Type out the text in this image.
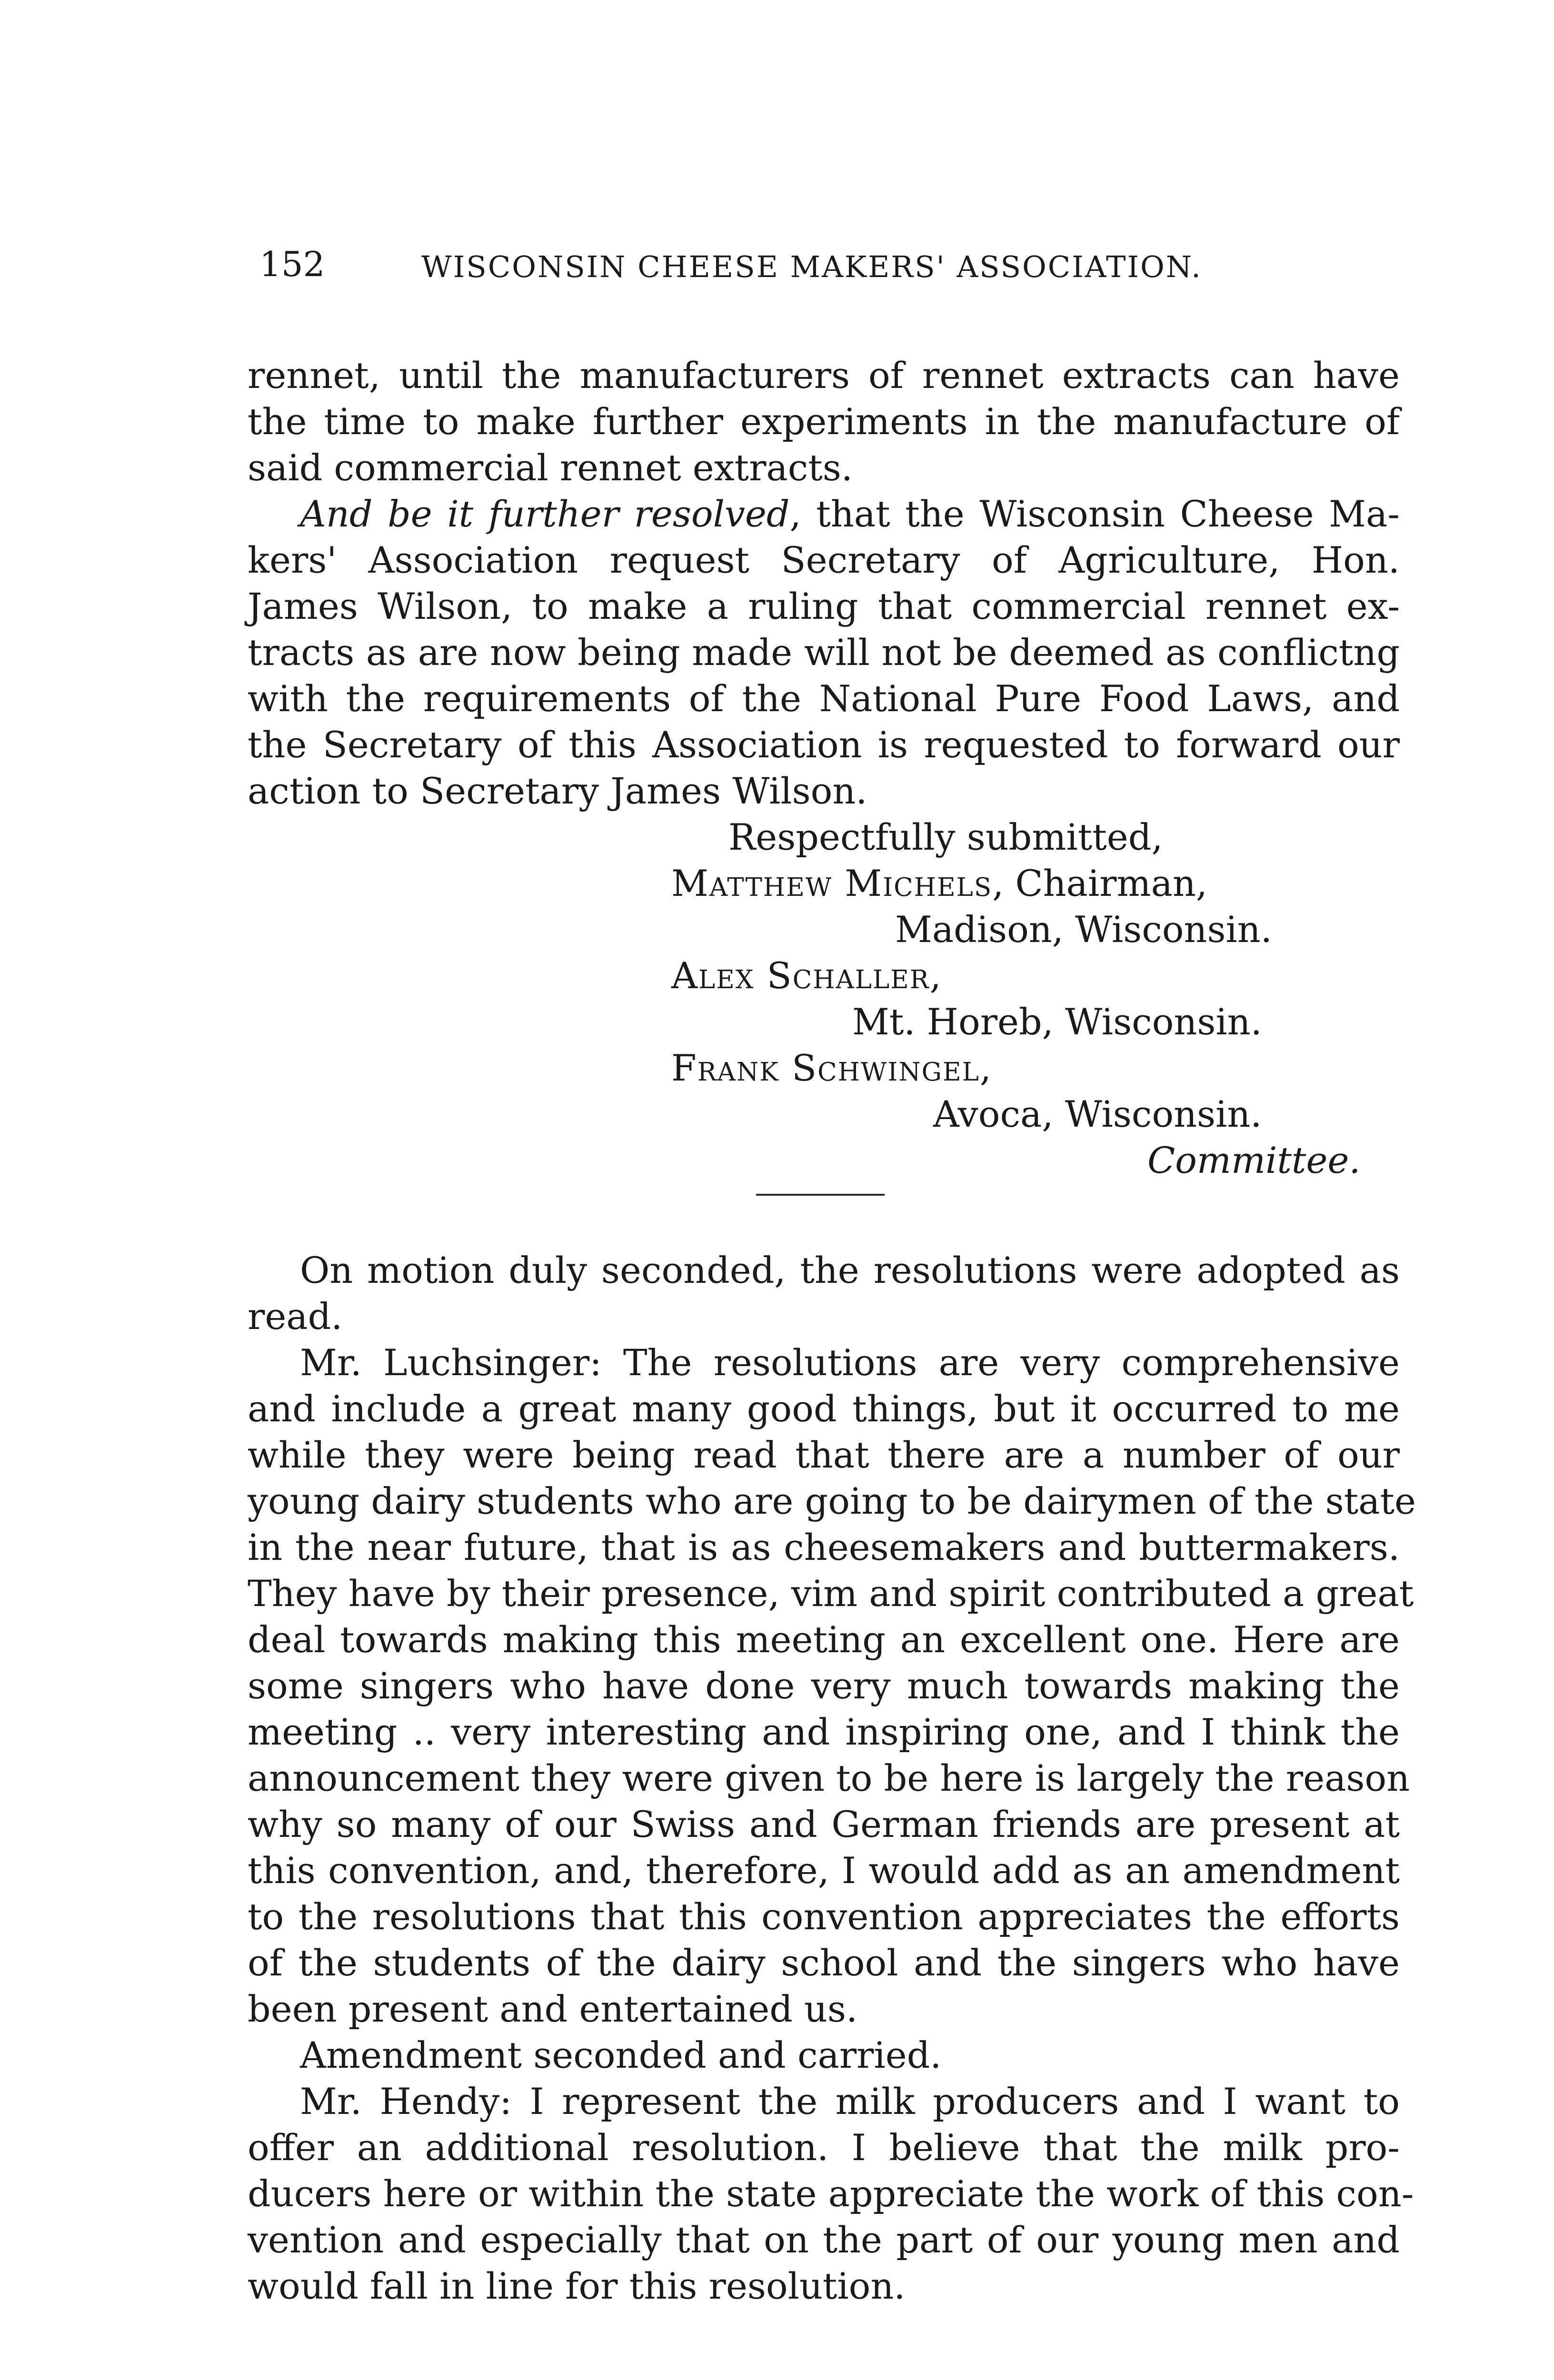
152	WISCONSIN CHEESE MAKERS' ASSOCIATION.
rennet, until the manufacturers of rennet extracts can have
the time to make further experiments in the manufacture of
said commercial rennet extracts.
And be it further resolved, that the Wisconsin Cheese Ma-
kers' Association request Secretary of Agriculture, Hon.
James Wilson, to make a ruling that commercial rennet ex-
tracts as are now being made will not be deemed as conflictng
with the requirements of the National Pure Food Laws, and
the Secretary of this Association is requested to forward our
action to Secretary James Wilson.
Respectfully submitted,
Matthew Michels, Chairman,
Madison, Wisconsin.
Alex Schaller,
Mt. Horeb, Wisconsin.
Frank Schwingel,
Avoca, Wisconsin.
Committee.
On motion duly seconded, the resolutions were adopted as
read.
Mr. Luchsinger: The resolutions are very comprehensive
and include a great many good things, but it occurred to me
while they were being read that there are a number of our
young dairy students who are going to be dairymen of the state
in the near future, that is as cheesemakers and buttermakers.
They have by their presence, vim and spirit contributed a great
deal towards making this meeting an excellent one. Here are
some singers who have done very much towards making the
meeting .. very interesting and inspiring one, and I think the
announcement they were given to be here is largely the reason
why so many of our Swiss and German friends are present at
this convention, and, therefore, I would add as an amendment
to the resolutions that this convention appreciates the efforts
of the students of the dairy school and the singers who have
been present and entertained us.
Amendment seconded and carried.
Mr. Hendy: I represent the milk producers and I want to
offer an additional resolution. I believe that the milk pro-
ducers here or within the state appreciate the work of this con-
vention and especially that on the part of our young men and
would fall in line for this resolution.
